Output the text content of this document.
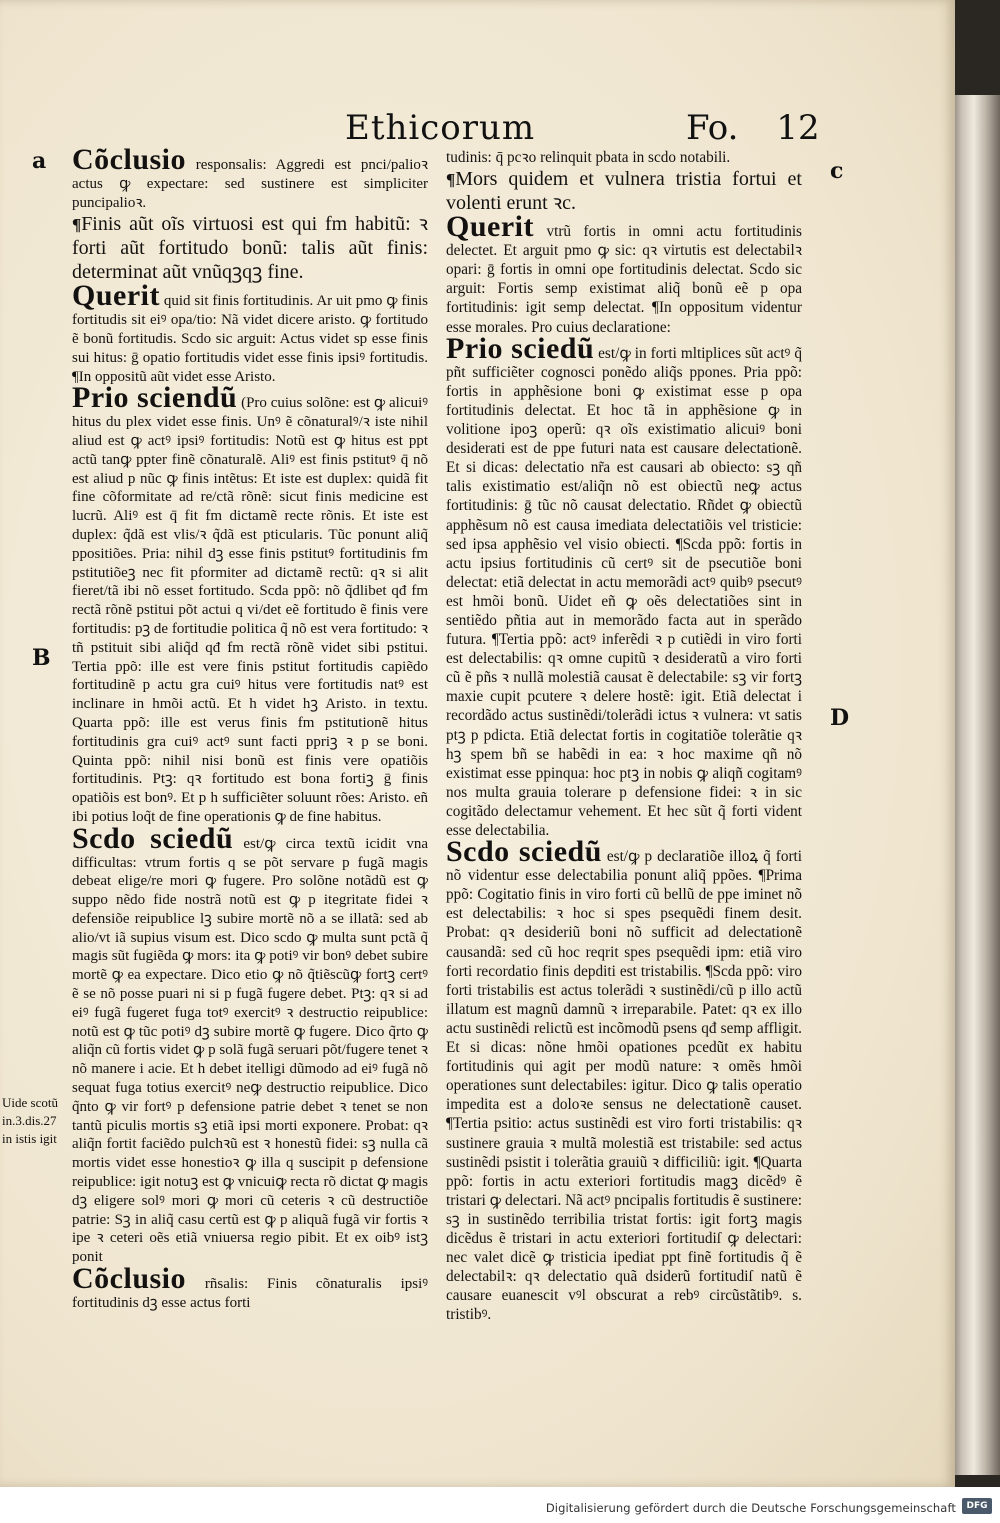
Ethicorum	Fo. 12
a	c
B
D
Uide scotũ
in.3.dis.27
in istis igit

Cõclusio responsalis: Aggredi est pnci/palioꝛ actus ꝙ expectare: sed sustinere est simpliciter puncipalioꝛ.

¶Finis aũt oĩs virtuosi est qui fm habitũ: ꝛ forti aũt fortitudo bonũ: talis aũt finis: determinat aũt vnũqꝫqꝫ fine.

Querit quid sit finis fortitudinis. Ar uit pmo ꝙ finis fortitudis sit eiꝰ opa/tio: Nã videt dicere aristo. ꝙ fortitudo ẽ bonũ fortitudis. Scdo sic arguit: Actus videt sp esse finis sui hitus: ḡ opatio fortitudis videt esse finis ipsiꝰ fortitudis. ¶In oppositũ aũt videt esse Aristo.

Prio sciendũ (Pro cuius solõne: est ꝙ alicuiꝰ hitus du plex videt esse finis. Unꝰ ẽ cõnaturalꝰ/ꝛ iste nihil aliud est ꝙ actꝰ ipsiꝰ fortitudis: Notũ est ꝙ hitus est ppt actũ tanꝙ ppter finẽ cõnaturalẽ. Aliꝰ est finis pstitutꝰ q̄ nõ est aliud p nũc ꝙ finis intẽtus: Et iste est duplex: quidã fit fine cõformitate ad re/ctã rõnẽ: sicut finis medicine est lucrũ. Aliꝰ est q̄ fit fm dictamẽ recte rõnis. Et iste est duplex: q̃dã est vlis/ꝛ q̃dã est pticularis. Tũc ponunt aliq̃ ppositiões. Pria: nihil dꝫ esse finis pstitutꝰ fortitudinis fm pstitutiõeꝫ nec fit pformiter ad dictamẽ rectũ: qꝛ si alit fieret/tã ibi nõ esset fortitudo. Scda ppõ: nõ q̃dlibet qđ fm rectã rõnẽ pstitui põt actui q vi/det eẽ fortitudo ẽ finis vere fortitudis: pꝫ de fortitudie politica q̃ nõ est vera fortitudo: ꝛ tñ pstituit sibi aliq̃d qđ fm rectã rõnẽ videt sibi pstitui. Tertia ppõ: ille est vere finis pstitut fortitudis capiẽdo fortitudinẽ p actu gra cuiꝰ hitus vere fortitudis natꝰ est inclinare in hmõi actũ. Et h videt hꝫ Aristo. in textu. Quarta ppõ: ille est verus finis fm pstitutionẽ hitus fortitudinis gra cuiꝰ actꝰ sunt facti ppriꝫ ꝛ p se boni. Quinta ppõ: nihil nisi bonũ est finis vere opatiõis fortitudinis. Ptꝫ: qꝛ fortitudo est bona fortiꝫ ḡ finis opatiõis est bonꝰ. Et p h sufficiẽter soluunt rões: Aristo. eñ ibi potius loq̃t de fine operationis ꝙ de fine habitus.

Scdo sciedũ est/ꝙ circa textũ icidit vna difficultas: vtrum fortis q se põt servare p fugã magis debeat elige/re mori ꝙ fugere. Pro solõne notãdũ est ꝙ suppo nẽdo fide nostrã notũ est ꝙ p itegritate fidei ꝛ defensiõe reipublice lꝫ subire mortẽ nõ a se illatã: sed ab alio/vt iã supius visum est. Dico scdo ꝙ multa sunt pctã q̃ magis sũt fugiẽda ꝙ mors: ita ꝙ potiꝰ vir bonꝰ debet subire mortẽ ꝙ ea expectare. Dico etio ꝙ nõ q̃tiẽscũꝙ fortꝫ certꝰ ẽ se nõ posse puari ni si p fugã fugere debet. Ptꝫ: qꝛ si ad eiꝰ fugã fugeret fuga totꝰ exercitꝰ ꝛ destructio reipublice: notũ est ꝙ tũc potiꝰ dꝫ subire mortẽ ꝙ fugere. Dico q̃rto ꝙ aliq̃n cũ fortis videt ꝙ p solã fugã seruari põt/fugere tenet ꝛ nõ manere i acie. Et h debet itelligi dũmodo ad eiꝰ fugã nõ sequat fuga totius exercitꝰ neꝙ destructio reipublice. Dico q̃nto ꝙ vir fortꝰ p defensione patrie debet ꝛ tenet se non tantũ piculis mortis sꝫ etiã ipsi morti exponere. Probat: qꝛ aliq̃n fortit faciẽdo pulchꝛũ est ꝛ honestũ fidei: sꝫ nulla cã mortis videt esse honestioꝛ ꝙ illa q suscipit p defensione reipublice: igit notuꝫ est ꝙ vnicuiꝙ recta rõ dictat ꝙ magis dꝫ eligere solꝰ mori ꝙ mori cũ ceteris ꝛ cũ destructiõe patrie: Sꝫ in aliq̃ casu certũ est ꝙ p aliquã fugã vir fortis ꝛ ipe ꝛ ceteri oẽs etiã vniuersa regio pibit. Et ex oibꝰ istꝫ ponit

Cõclusio rñsalis: Finis cõnaturalis ipsiꝰ fortitudinis dꝫ esse actus forti

tudinis: q̄ pcꝛo relinquit pbata in scdo notabili.

¶Mors quidem et vulnera tristia fortui et volenti erunt ꝛc.

Querit vtrũ fortis in omni actu fortitudinis delectet. Et arguit pmo ꝙ sic: qꝛ virtutis est delectabilꝛ opari: ḡ fortis in omni ope fortitudinis delectat. Scdo sic arguit: Fortis semp existimat aliq̃ bonũ eẽ p opa fortitudinis: igit semp delectat. ¶In oppositum videntur esse morales. Pro cuius declaratione:

Prio sciedũ est/ꝙ in forti mltiplices sũt actꝰ q̃ pñt sufficiẽter cognosci ponẽdo aliq̃s ppones. Pria ppõ: fortis in apphẽsione boni ꝙ existimat esse p opa fortitudinis delectat. Et hoc tã in apphẽsione ꝙ in volitione ipoꝫ operũ: qꝛ oĩs existimatio alicuiꝰ boni desiderati est de ppe futuri nata est causare delectationẽ. Et si dicas: delectatio nr̃a est causari ab obiecto: sꝫ qñ talis existimatio est/aliq̃n nõ est obiectũ neꝙ actus fortitudinis: ḡ tũc nõ causat delectatio. Rñdet ꝙ obiectũ apphẽsum nõ est causa imediata delectatiõis vel tristicie: sed ipsa apphẽsio vel visio obiecti. ¶Scda ppõ: fortis in actu ipsius fortitudinis cũ certꝰ sit de psecutiõe boni delectat: etiã delectat in actu memorãdi actꝰ quibꝰ psecutꝰ est hmõi bonũ. Uidet eñ ꝙ oẽs delectatiões sint in sentiẽdo pñtia aut in memorãdo facta aut in sperãdo futura. ¶Tertia ppõ: actꝰ inferẽdi ꝛ p cutiẽdi in viro forti est delectabilis: qꝛ omne cupitũ ꝛ desideratũ a viro forti cũ ẽ pñs ꝛ nullã molestiã causat ẽ delectabile: sꝫ vir fortꝫ maxie cupit pcutere ꝛ delere hostẽ: igit. Etiã delectat i recordãdo actus sustinẽdi/tolerãdi ictus ꝛ vulnera: vt satis ptꝫ p pdicta. Etiã delectat fortis in cogitatiõe tolerãtie qꝛ hꝫ spem bñ se habẽdi in ea: ꝛ hoc maxime qñ nõ existimat esse ppinqua: hoc ptꝫ in nobis ꝙ aliqñ cogitamꝰ nos multa grauia tolerare p defensione fidei: ꝛ in sic cogitãdo delectamur vehement. Et hec sũt q̃ forti vident esse delectabilia.

Scdo sciedũ est/ꝙ p declaratiõe illoꝝ q̃ forti nõ videntur esse delectabilia ponunt aliq̃ ppões. ¶Prima ppõ: Cogitatio finis in viro forti cũ bellũ de ppe iminet nõ est delectabilis: ꝛ hoc si spes psequẽdi finem desit. Probat: qꝛ desideriũ boni nõ sufficit ad delectationẽ causandã: sed cũ hoc reqrit spes psequẽdi ipm: etiã viro forti recordatio finis depditi est tristabilis. ¶Scda ppõ: viro forti tristabilis est actus tolerãdi ꝛ sustinẽdi/cũ p illo actũ illatum est magnũ damnũ ꝛ irreparabile. Patet: qꝛ ex illo actu sustinẽdi relictũ est incõmodũ psens qđ semp affligit. Et si dicas: nõne hmõi opationes pcedũt ex habitu fortitudinis qui agit per modũ nature: ꝛ omẽs hmõi operationes sunt delectabiles: igitur. Dico ꝙ talis operatio impedita est a doloꝛe sensus ne delectationẽ causet. ¶Tertia psitio: actus sustinẽdi est viro forti tristabilis: qꝛ sustinere grauia ꝛ multã molestiã est tristabile: sed actus sustinẽdi psistit i tolerãtia grauiũ ꝛ difficiliũ: igit. ¶Quarta ppõ: fortis in actu exteriori fortitudis magꝫ dicẽdꝰ ẽ tristari ꝙ delectari. Nã actꝰ pncipalis fortitudis ẽ sustinere: sꝫ in sustinẽdo terribilia tristat fortis: igit fortꝫ magis dicẽdus ẽ tristari in actu exteriori fortitudiſ ꝙ delectari: nec valet dicẽ ꝙ tristicia ipediat ppt finẽ fortitudis q̃ ẽ delectabilꝛ: qꝛ delectatio quã dsiderũ fortitudiſ natũ ẽ causare euanescit vꝰl obscurat a rebꝰ circũstãtibꝰ. s. tristibꝰ.

Digitalisierung gefördert durch die Deutsche Forschungsgemeinschaft	DFG
